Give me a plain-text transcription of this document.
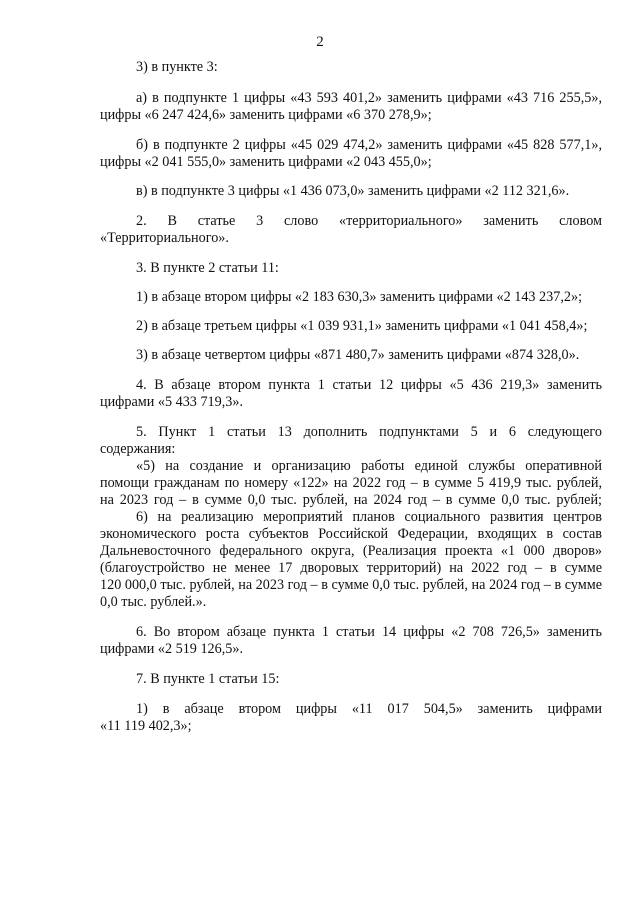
2
3) в пункте 3:
а) в подпункте 1 цифры «43 593 401,2» заменить цифрами «43 716 255,5»,
цифры «6 247 424,6» заменить цифрами «6 370 278,9»;
б) в подпункте 2 цифры «45 029 474,2» заменить цифрами «45 828 577,1»,
цифры «2 041 555,0» заменить цифрами «2 043 455,0»;
в) в подпункте 3 цифры «1 436 073,0» заменить цифрами «2 112 321,6».
2. В статье 3 слово «территориального» заменить словом
«Территориального».
3. В пункте 2 статьи 11:
1) в абзаце втором цифры «2 183 630,3» заменить цифрами «2 143 237,2»;
2) в абзаце третьем цифры «1 039 931,1» заменить цифрами «1 041 458,4»;
3) в абзаце четвертом цифры «871 480,7» заменить цифрами «874 328,0».
4. В абзаце втором пункта 1 статьи 12 цифры «5 436 219,3» заменить
цифрами «5 433 719,3».
5. Пункт 1 статьи 13 дополнить подпунктами 5 и 6 следующего
содержания:
«5) на создание и организацию работы единой службы оперативной
помощи гражданам по номеру «122» на 2022 год – в сумме 5 419,9 тыс. рублей,
на 2023 год – в сумме 0,0 тыс. рублей, на 2024 год – в сумме 0,0 тыс. рублей;
6) на реализацию мероприятий планов социального развития центров
экономического роста субъектов Российской Федерации, входящих в состав
Дальневосточного федерального округа, (Реализация проекта «1 000 дворов»
(благоустройство не менее 17 дворовых территорий) на 2022 год – в сумме
120 000,0 тыс. рублей, на 2023 год – в сумме 0,0 тыс. рублей, на 2024 год – в сумме
0,0 тыс. рублей.».
6. Во втором абзаце пункта 1 статьи 14 цифры «2 708 726,5» заменить
цифрами «2 519 126,5».
7. В пункте 1 статьи 15:
1) в абзаце втором цифры «11 017 504,5» заменить цифрами
«11 119 402,3»;
